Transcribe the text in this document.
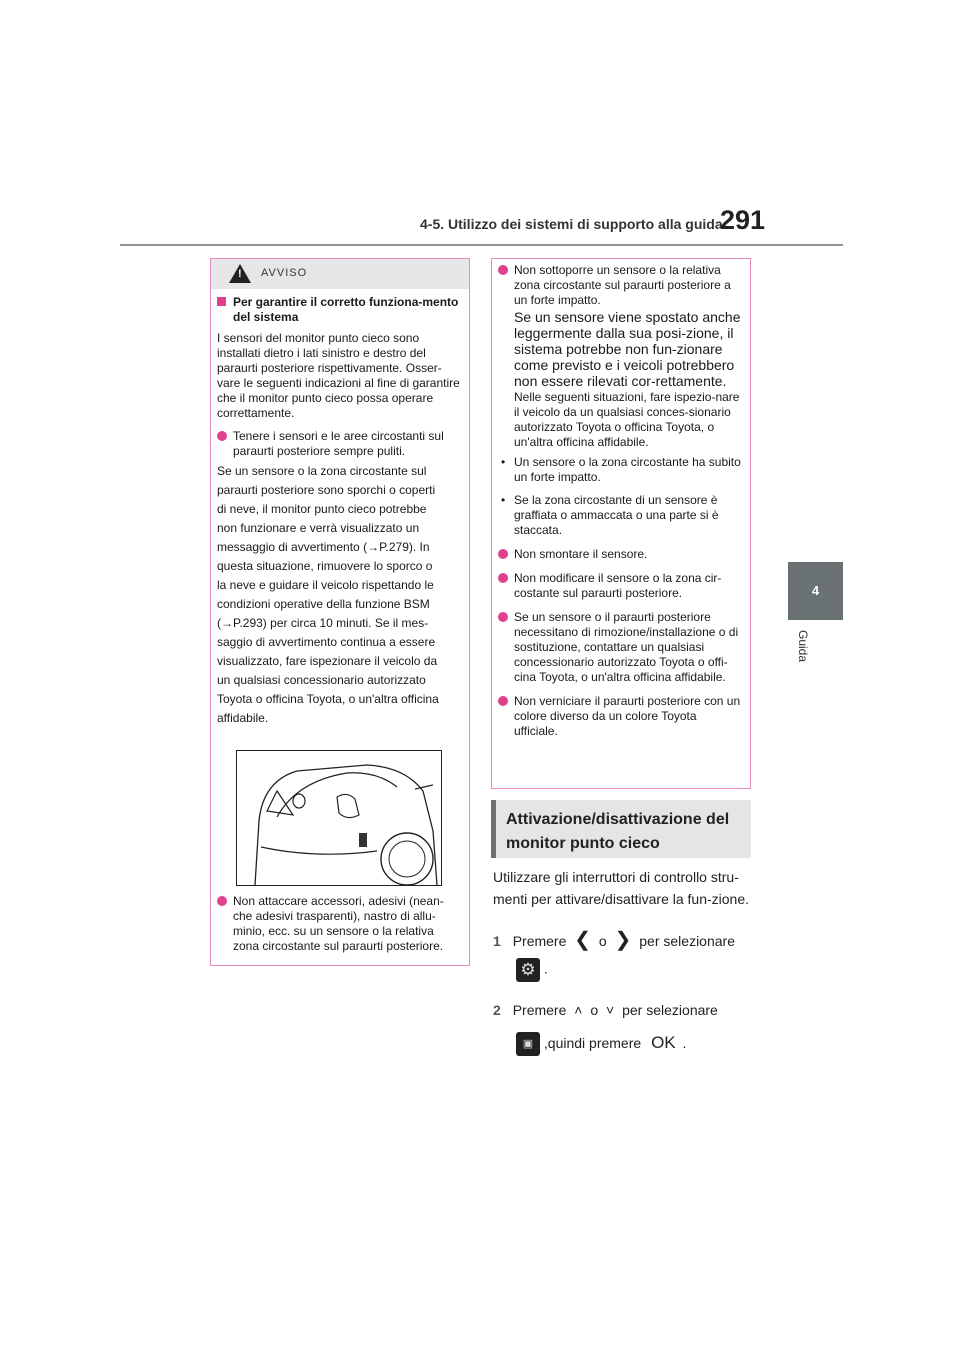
4-5. Utilizzo dei sistemi di supporto alla guida
291
4
Guida
!
AVVISO
Per garantire il corretto funziona-mento del sistema

I sensori del monitor punto cieco sono installati dietro i lati sinistro e destro del paraurti posteriore rispettivamente. Osser-vare le seguenti indicazioni al fine di garantire che il monitor punto cieco possa operare correttamente.

Tenere i sensori e le aree circostanti sul paraurti posteriore sempre puliti.
Se un sensore o la zona circostante sul
paraurti posteriore sono sporchi o coperti
di neve, il monitor punto cieco potrebbe
non funzionare e verrà visualizzato un
messaggio di avvertimento (→P.279). In
questa situazione, rimuovere lo sporco o
la neve e guidare il veicolo rispettando le
condizioni operative della funzione BSM
(→P.293) per circa 10 minuti. Se il mes-
saggio di avvertimento continua a essere
visualizzato, fare ispezionare il veicolo da
un qualsiasi concessionario autorizzato
Toyota o officina Toyota, o un'altra officina
affidabile.
Non attaccare accessori, adesivi (nean-che adesivi trasparenti), nastro di allu-minio, ecc. su un sensore o la relativa zona circostante sul paraurti posteriore.
Non sottoporre un sensore o la relativa zona circostante sul paraurti posteriore a un forte impatto.
Se un sensore viene spostato anche leggermente dalla sua posi-zione, il sistema potrebbe non fun-zionare come previsto e i veicoli potrebbero non essere rilevati cor-rettamente.
Nelle seguenti situazioni, fare ispezio-nare il veicolo da un qualsiasi conces-sionario autorizzato Toyota o officina Toyota, o un'altra officina affidabile.
• Un sensore o la zona circostante ha subito un forte impatto.
• Se la zona circostante di un sensore è graffiata o ammaccata o una parte si è staccata.
Non smontare il sensore.
Non modificare il sensore o la zona cir-costante sul paraurti posteriore.
Se un sensore o il paraurti posteriore necessitano di rimozione/installazione o di sostituzione, contattare un qualsiasi concessionario autorizzato Toyota o offi-cina Toyota, o un'altra officina affidabile.
Non verniciare il paraurti posteriore con un colore diverso da un colore Toyota ufficiale.
Attivazione/disattivazione del monitor punto cieco
Utilizzare gli interruttori di controllo stru-menti per attivare/disattivare la fun-zione.
1 Premere ❮ o ❯ per selezionare
⚙ .
2 Premere ˄ o ˅ per selezionare
▣ ,quindi premere OK .
